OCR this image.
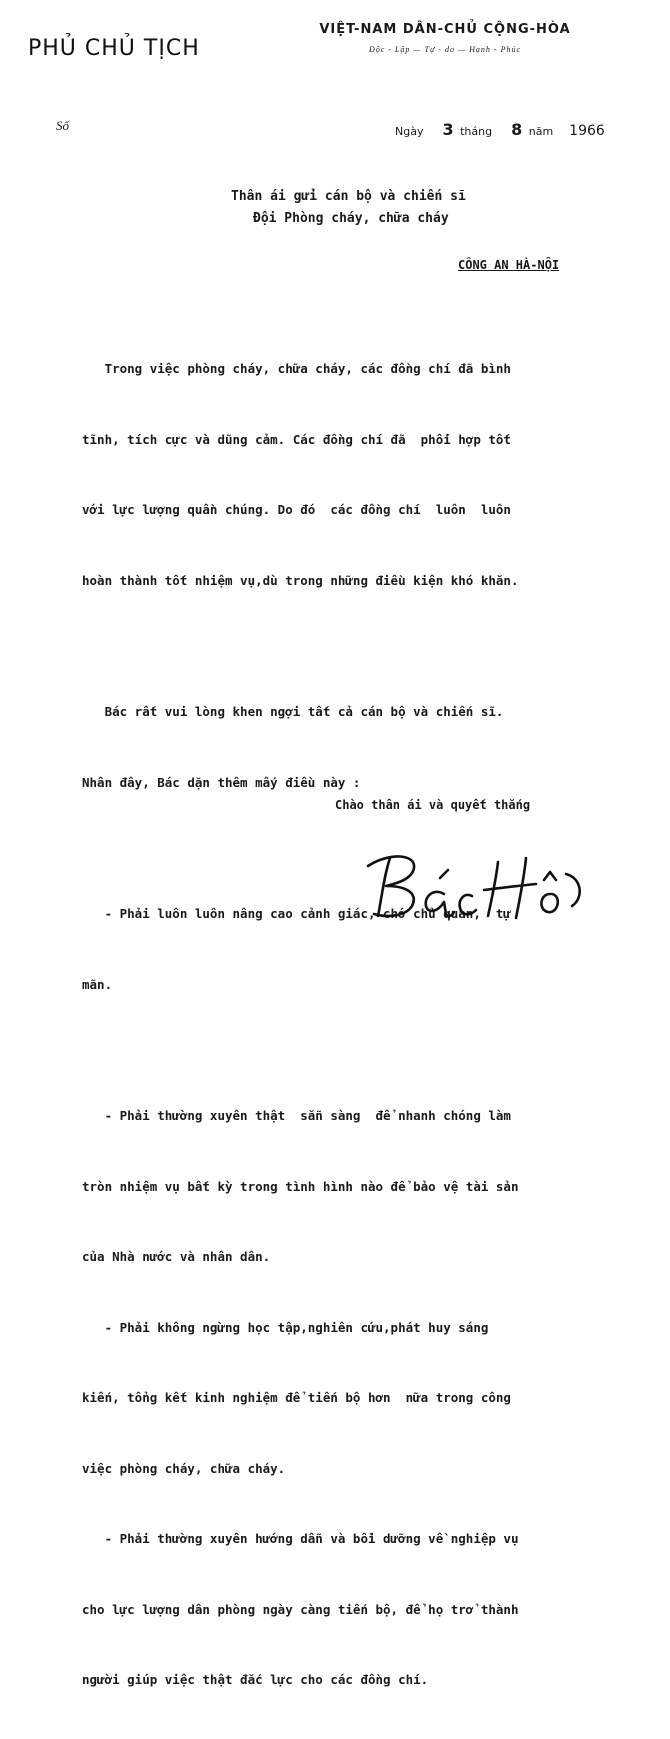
PHỦ CHỦ TỊCH
VIỆT-NAM DÂN-CHỦ CỘNG-HÒA
Độc - Lập — Tự - do — Hạnh - Phúc
Số	Ngày 3 tháng 8 năm 1966
Thân ái gửi cán bộ và chiến sĩ
Đội Phòng cháy, chữa cháy
CÔNG AN HÀ-NỘI

Trong việc phòng cháy, chữa cháy, các đồng chí đã bình

tĩnh, tích cực và dũng cảm. Các đồng chí đã  phối hợp tốt

với lực lượng quần chúng. Do đó  các đồng chí  luôn  luôn

hoàn thành tốt nhiệm vụ,dù trong những điều kiện khó khăn.

Bác rất vui lòng khen ngợi tất cả cán bộ và chiến sĩ.

Nhân đây, Bác dặn thêm mấy điều này :

- Phải luôn luôn nâng cao cảnh giác, chớ chủ quan,  tự

mãn.

- Phải thường xuyên thật  sẵn sàng  để nhanh chóng làm

tròn nhiệm vụ bất kỳ trong tình hình nào để bảo vệ tài sản

của Nhà nước và nhân dân.

- Phải không ngừng học tập,nghiên cứu,phát huy sáng

kiến, tổng kết kinh nghiệm để tiến bộ hơn  nữa trong công

việc phòng cháy, chữa cháy.

- Phải thường xuyên hướng dẫn và bồi dưỡng về nghiệp vụ

cho lực lượng dân phòng ngày càng tiến bộ, để họ trở thành

người giúp việc thật đắc lực cho các đồng chí.

Chào thân ái và quyết thắng
